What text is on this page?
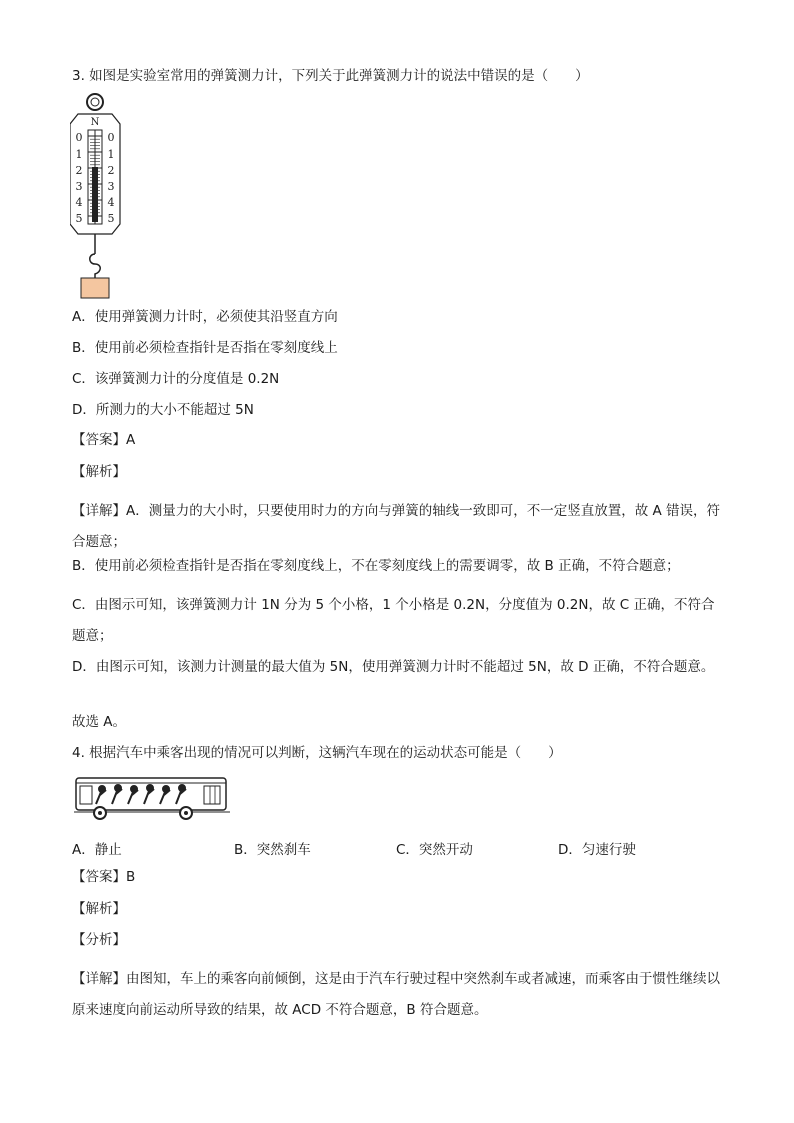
3. 如图是实验室常用的弹簧测力计，下列关于此弹簧测力计的说法中错误的是（　　）
N
0
1
2
3
4
5
0
1
2
3
4
5
A．使用弹簧测力计时，必须使其沿竖直方向
B．使用前必须检查指针是否指在零刻度线上
C．该弹簧测力计的分度值是 0.2N
D．所测力的大小不能超过 5N
【答案】A
【解析】
【详解】A．测量力的大小时，只要使用时力的方向与弹簧的轴线一致即可，不一定竖直放置，故 A 错误，符合题意；
B．使用前必须检查指针是否指在零刻度线上，不在零刻度线上的需要调零，故 B 正确，不符合题意；
C．由图示可知，该弹簧测力计 1N 分为 5 个小格，1 个小格是 0.2N，分度值为 0.2N，故 C 正确，不符合题意；
D．由图示可知，该测力计测量的最大值为 5N，使用弹簧测力计时不能超过 5N，故 D 正确，不符合题意。
故选 A。
4. 根据汽车中乘客出现的情况可以判断，这辆汽车现在的运动状态可能是（　　）
A．静止	B．突然刹车	C．突然开动	D．匀速行驶
【答案】B
【解析】
【分析】
【详解】由图知，车上的乘客向前倾倒，这是由于汽车行驶过程中突然刹车或者减速，而乘客由于惯性继续以原来速度向前运动所导致的结果，故 ACD 不符合题意，B 符合题意。
